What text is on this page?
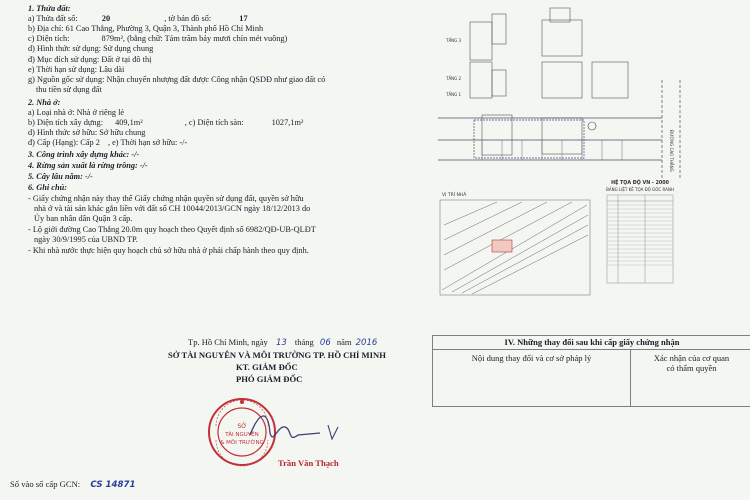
1. Thửa đất:
a) Thửa đất số:	20	, tờ bản đồ số:	17
b) Địa chỉ: 61 Cao Thắng, Phường 3, Quận 3, Thành phố Hồ Chí Minh
c) Diện tích:	879m², (bằng chữ: Tám trăm bảy mươi chín mét vuông)
d) Hình thức sử dụng: Sử dụng chung
đ) Mục đích sử dụng: Đất ở tại đô thị
e) Thời hạn sử dụng: Lâu dài
g) Nguồn gốc sử dụng: Nhận chuyển nhượng đất được Công nhận QSDĐ như giao đất có
thu tiền sử dụng đất
2. Nhà ở:
a) Loại nhà ở: Nhà ở riêng lẻ
b) Diện tích xây dựng: 409,1m²	, c) Diện tích sàn:	1027,1m²
d) Hình thức sở hữu: Sở hữu chung
đ) Cấp (Hạng): Cấp 2 , e) Thời hạn sở hữu: -/-
3. Công trình xây dựng khác: -/-
4. Rừng sản xuất là rừng trồng: -/-
5. Cây lâu năm: -/-
6. Ghi chú:
- Giấy chứng nhận này thay thế Giấy chứng nhận quyền sử dụng đất, quyền sở hữu
nhà ở và tài sản khác gắn liền với đất số CH 10044/2013/GCN ngày 18/12/2013 do
Ủy ban nhân dân Quận 3 cấp.
- Lộ giới đường Cao Thắng 20.0m quy hoạch theo Quyết định số 6982/QĐ-UB-QLĐT
ngày 30/9/1995 của UBND TP.
- Khi nhà nước thực hiện quy hoạch chủ sở hữu nhà ở phải chấp hành theo quy định.
Tp. Hồ Chí Minh, ngày 13 tháng 06 năm 2016
SỞ TÀI NGUYÊN VÀ MÔI TRƯỜNG TP. HỒ CHÍ MINH
KT. GIÁM ĐỐC
PHÓ GIÁM ĐỐC
SỞ
TÀI NGUYÊN
& MÔI TRƯỜNG
Trần Văn Thạch
Số vào sổ cấp GCN: CS 14871
TẦNG 3
TẦNG 2
TẦNG 1
ĐƯỜNG CAO THẮNG
VỊ TRÍ NHÀ
HỆ TỌA ĐỘ VN - 2000
BẢNG LIỆT KÊ TỌA ĐỘ GÓC RANH
IV. Những thay đổi sau khi cấp giấy chứng nhận
Nội dung thay đổi và cơ sở pháp lý	Xác nhận của cơ quan
có thẩm quyền
